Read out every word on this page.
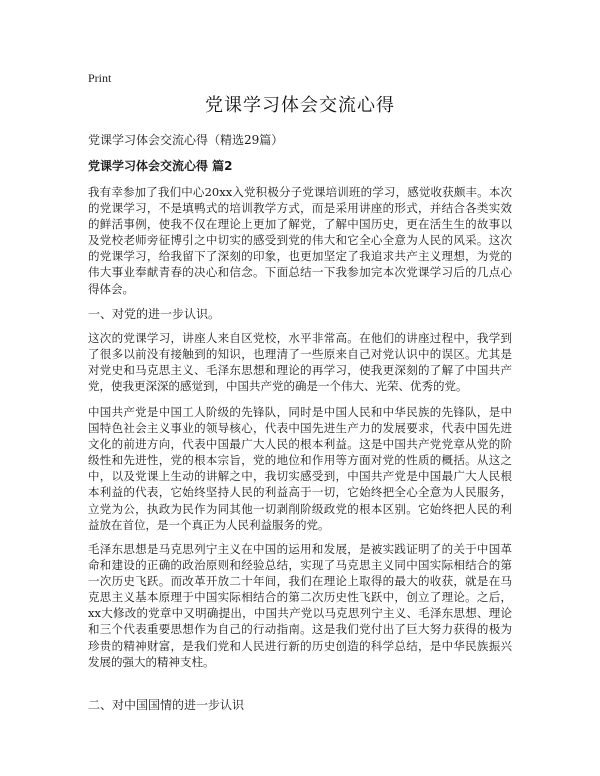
Print
党课学习体会交流心得

党课学习体会交流心得（精选29篇）

党课学习体会交流心得 篇2

我有幸参加了我们中心20xx入党积极分子党课培训班的学习，感觉收获颇丰。本次的党课学习，不是填鸭式的培训教学方式，而是采用讲座的形式，并结合各类实效的鲜活事例，使我不仅在理论上更加了解党，了解中国历史，更在活生生的故事以及党校老师旁征博引之中切实的感受到党的伟大和它全心全意为人民的风采。这次的党课学习，给我留下了深刻的印象，也更加坚定了我追求共产主义理想，为党的伟大事业奉献青春的决心和信念。下面总结一下我参加完本次党课学习后的几点心得体会。

一、对党的进一步认识。

这次的党课学习，讲座人来自区党校，水平非常高。在他们的讲座过程中，我学到了很多以前没有接触到的知识，也理清了一些原来自己对党认识中的误区。尤其是对党史和马克思主义、毛泽东思想和理论的再学习，使我更深刻的了解了中国共产党，使我更深深的感觉到，中国共产党的确是一个伟大、光荣、优秀的党。

中国共产党是中国工人阶级的先锋队，同时是中国人民和中华民族的先锋队，是中国特色社会主义事业的领导核心，代表中国先进生产力的发展要求，代表中国先进文化的前进方向，代表中国最广大人民的根本利益。这是中国共产党党章从党的阶级性和先进性，党的根本宗旨，党的地位和作用等方面对党的性质的概括。从这之中，以及党课上生动的讲解之中，我切实感受到，中国共产党是中国最广大人民根本利益的代表，它始终坚持人民的利益高于一切，它始终把全心全意为人民服务，立党为公，执政为民作为同其他一切剥削阶级政党的根本区别。它始终把人民的利益放在首位，是一个真正为人民利益服务的党。

毛泽东思想是马克思列宁主义在中国的运用和发展，是被实践证明了的关于中国革命和建设的正确的政治原则和经验总结，实现了马克思主义同中国实际相结合的第一次历史飞跃。而改革开放二十年间，我们在理论上取得的最大的收获，就是在马克思主义基本原理于中国实际相结合的第二次历史性飞跃中，创立了理论。之后，xx大修改的党章中又明确提出，中国共产党以马克思列宁主义、毛泽东思想、理论和三个代表重要思想作为自己的行动指南。这是我们党付出了巨大努力获得的极为珍贵的精神财富，是我们党和人民进行新的历史创造的科学总结，是中华民族振兴发展的强大的精神支柱。

二、对中国国情的进一步认识
